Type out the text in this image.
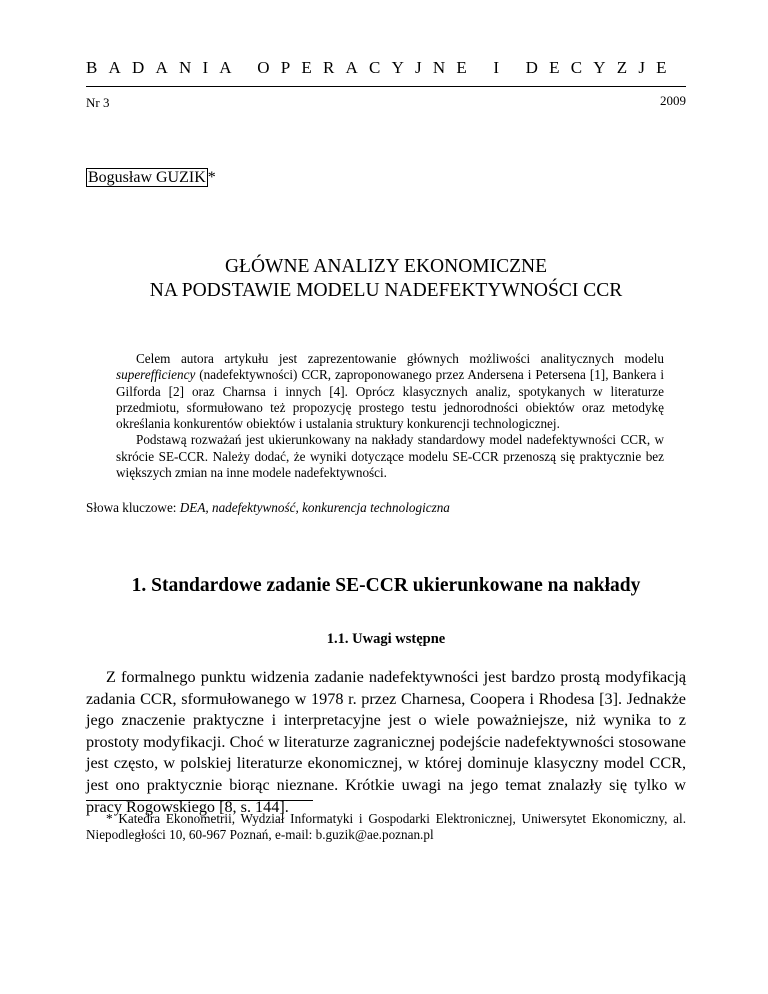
BADANIA OPERACYJNE I DECYZJE
Nr 3	2009
Bogusław GUZIK *
GŁÓWNE ANALIZY EKONOMICZNE
NA PODSTAWIE MODELU NADEFEKTYWNOŚCI CCR

Celem autora artykułu jest zaprezentowanie głównych możliwości analitycznych modelu superefficiency (nadefektywności) CCR, zaproponowanego przez Andersena i Petersena [1], Bankera i Gilforda [2] oraz Charnsa i innych [4]. Oprócz klasycznych analiz, spotykanych w literaturze przedmiotu, sformułowano też propozycję prostego testu jednorodności obiektów oraz metodykę określania konkurentów obiektów i ustalania struktury konkurencji technologicznej.

Podstawą rozważań jest ukierunkowany na nakłady standardowy model nadefektywności CCR, w skrócie SE-CCR. Należy dodać, że wyniki dotyczące modelu SE-CCR przenoszą się praktycznie bez większych zmian na inne modele nadefektywności.

Słowa kluczowe: DEA, nadefektywność, konkurencja technologiczna
1. Standardowe zadanie SE-CCR ukierunkowane na nakłady
1.1. Uwagi wstępne

Z formalnego punktu widzenia zadanie nadefektywności jest bardzo prostą modyfikacją zadania CCR, sformułowanego w 1978 r. przez Charnesa, Coopera i Rhodesa [3]. Jednakże jego znaczenie praktyczne i interpretacyjne jest o wiele poważniejsze, niż wynika to z prostoty modyfikacji. Choć w literaturze zagranicznej podejście nadefektywności stosowane jest często, w polskiej literaturze ekonomicznej, w której dominuje klasyczny model CCR, jest ono praktycznie biorąc nieznane. Krótkie uwagi na jego temat znalazły się tylko w pracy Rogowskiego [8, s. 144].

* Katedra Ekonometrii, Wydział Informatyki i Gospodarki Elektronicznej, Uniwersytet Ekonomiczny, al. Niepodległości 10, 60-967 Poznań, e-mail: b.guzik@ae.poznan.pl
